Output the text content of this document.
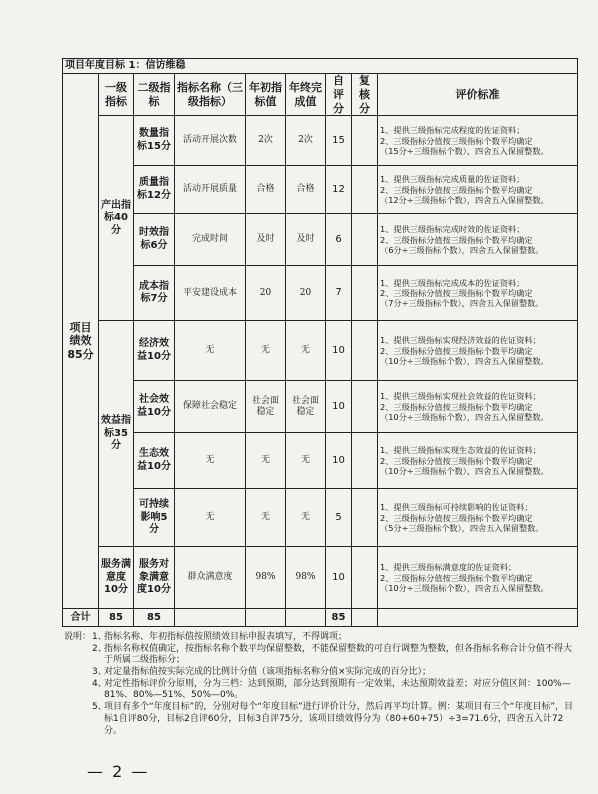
项目年度目标 1：信访维稳								
项目绩效85分	一级指标	二级指标	指标名称（三级指标）	年初指标值	年终完成值	自评分	复核分	评价标准
	产出指标40分	数量指标15分	活动开展次数	2次	2次	15		1、提供三级指标完成程度的佐证资料；
2、三级指标分值按三级指标个数平均确定
（15分÷三级指标个数），四舍五入保留整数。

		质量指标12分	活动开展质量	合格	合格	12		1、提供三级指标完成质量的佐证资料；
2、三级指标分值按三级指标个数平均确定
（12分÷三级指标个数），四舍五入保留整数。

		时效指标6分	完成时间	及时	及时	6		1、提供三级指标完成时效的佐证资料；
2、三级指标分值按三级指标个数平均确定
（6分÷三级指标个数），四舍五入保留整数。

		成本指标7分	平安建设成本	20	20	7		1、提供三级指标完成成本的佐证资料；
2、三级指标分值按三级指标个数平均确定
（7分÷三级指标个数），四舍五入保留整数。

	效益指标35分	经济效益10分	无	无	无	10		1、提供三级指标实现经济效益的佐证资料；
2、三级指标分值按三级指标个数平均确定
（10分÷三级指标个数），四舍五入保留整数。

		社会效益10分	保障社会稳定	社会面稳定	社会面稳定	10		1、提供三级指标实现社会效益的佐证资料；
2、三级指标分值按三级指标个数平均确定
（10分÷三级指标个数），四舍五入保留整数。

		生态效益10分	无	无	无	10		1、提供三级指标实现生态效益的佐证资料；
2、三级指标分值按三级指标个数平均确定
（10分÷三级指标个数），四舍五入保留整数。

		可持续影响5分	无	无	无	5		1、提供三级指标可持续影响的佐证资料；
2、三级指标分值按三级指标个数平均确定
（5分÷三级指标个数），四舍五入保留整数。

	服务满意度10分	服务对象满意度10分	群众满意度	98%	98%	10		1、提供三级指标满意度的佐证资料；
2、三级指标分值按三级指标个数平均确定
（10分÷三级指标个数），四舍五入保留整数。

合计	85	85				85		
说明： 1、
指标名称、年初指标值按照绩效目标申报表填写，不得调项；
2、
指标名称权值确定，按指标名称个数平均保留整数，不能保留整数的可自行调整为整数，但各指标名称合计分值不得大于所属二级指标分；
3、
对定量指标值按实际完成的比例计分值（该项指标名称分值×实际完成的百分比）；
4、
对定性指标评价分原则，分为三档：达到预期，部分达到预期有一定效果，未达预期效益差；对应分值区间：100%—81%、80%—51%、50%—0%。
5、
项目有多个“年度目标”的，分别对每个“年度目标”进行评价计分，然后再平均计算。例：某项目有三个“年度目标”，目标1自评80分，目标2自评60分，目标3自评75分，该项目绩效得分为（80+60+75）÷3=71.6分，四舍五入计72分。
— 2 —
